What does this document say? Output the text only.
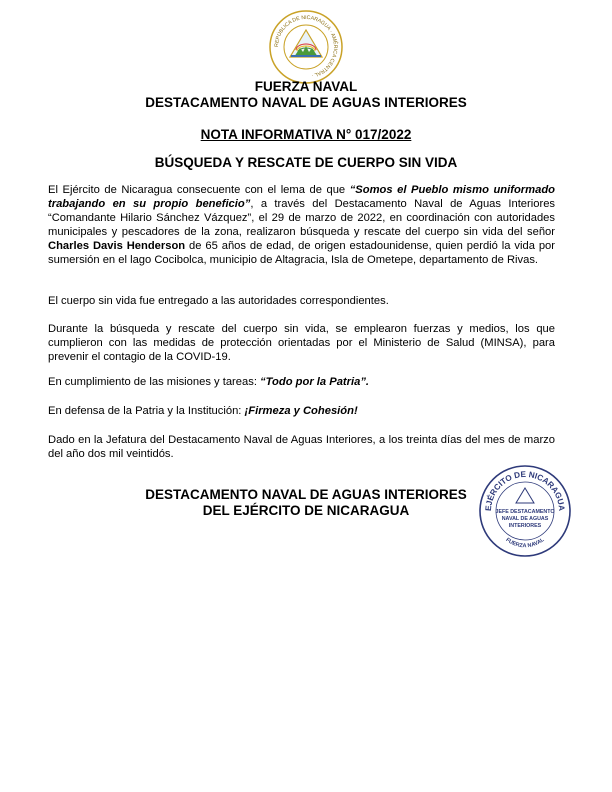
REPÚBLICA DE NICARAGUA · AMÉRICA CENTRAL ·
FUERZA NAVAL
DESTACAMENTO NAVAL DE AGUAS INTERIORES
NOTA INFORMATIVA N° 017/2022
BÚSQUEDA Y RESCATE DE CUERPO SIN VIDA

El Ejército de Nicaragua consecuente con el lema de que “Somos el Pueblo mismo uniformado trabajando en su propio beneficio”, a través del Destacamento Naval de Aguas Interiores “Comandante Hilario Sánchez Vázquez”, el 29 de marzo de 2022, en coordinación con autoridades municipales y pescadores de la zona, realizaron búsqueda y rescate del cuerpo sin vida del señor Charles Davis Henderson de 65 años de edad, de origen estadounidense, quien perdió la vida por sumersión en el lago Cocibolca, municipio de Altagracia, Isla de Ometepe, departamento de Rivas.

El cuerpo sin vida fue entregado a las autoridades correspondientes.

Durante la búsqueda y rescate del cuerpo sin vida, se emplearon fuerzas y medios, los que cumplieron con las medidas de protección orientadas por el Ministerio de Salud (MINSA), para prevenir el contagio de la COVID-19.

En cumplimiento de las misiones y tareas: “Todo por la Patria”.

En defensa de la Patria y la Institución: ¡Firmeza y Cohesión!

Dado en la Jefatura del Destacamento Naval de Aguas Interiores, a los treinta días del mes de marzo del año dos mil veintidós.

DESTACAMENTO NAVAL DE AGUAS INTERIORES
DEL EJÉRCITO DE NICARAGUA	EJÉRCITO DE NICARAGUA
JEFE DESTACAMENTO
NAVAL DE AGUAS
INTERIORES
FUERZA NAVAL
